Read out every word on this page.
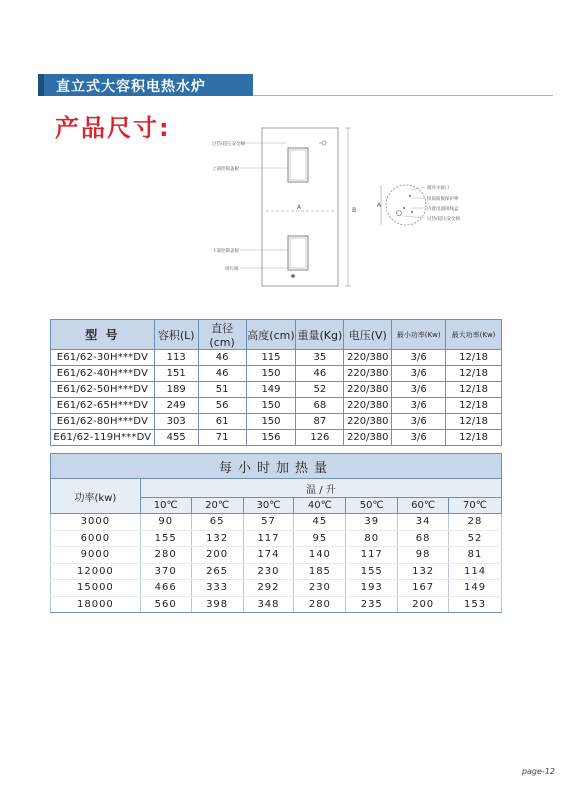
直立式大容积电热水炉
产品尺寸:
A	B
过热/超压安全阀
上部控制盖板
下部控制盖板
排污阀
A
循环水接口
镁质阳极保护棒
内置电器接线盒
过热/超压安全阀
型 号	容积(L)	直径(cm)	高度(cm)	重量(Kg)	电压(V)	最小功率(Kw)	最大功率(Kw)
E61/62-30H***DV	113	46	115	35	220/380	3/6	12/18
E61/62-40H***DV	151	46	150	46	220/380	3/6	12/18
E61/62-50H***DV	189	51	149	52	220/380	3/6	12/18
E61/62-65H***DV	249	56	150	68	220/380	3/6	12/18
E61/62-80H***DV	303	61	150	87	220/380	3/6	12/18
E61/62-119H***DV	455	71	156	126	220/380	3/6	12/18
每小时加热量							
功率(kw)	温 / 升						
	10℃	20℃	30℃	40℃	50℃	60℃	70℃
3000	90	65	57	45	39	34	28
6000	155	132	117	95	80	68	52
9000	280	200	174	140	117	98	81
12000	370	265	230	185	155	132	114
15000	466	333	292	230	193	167	149
18000	560	398	348	280	235	200	153
page-12
